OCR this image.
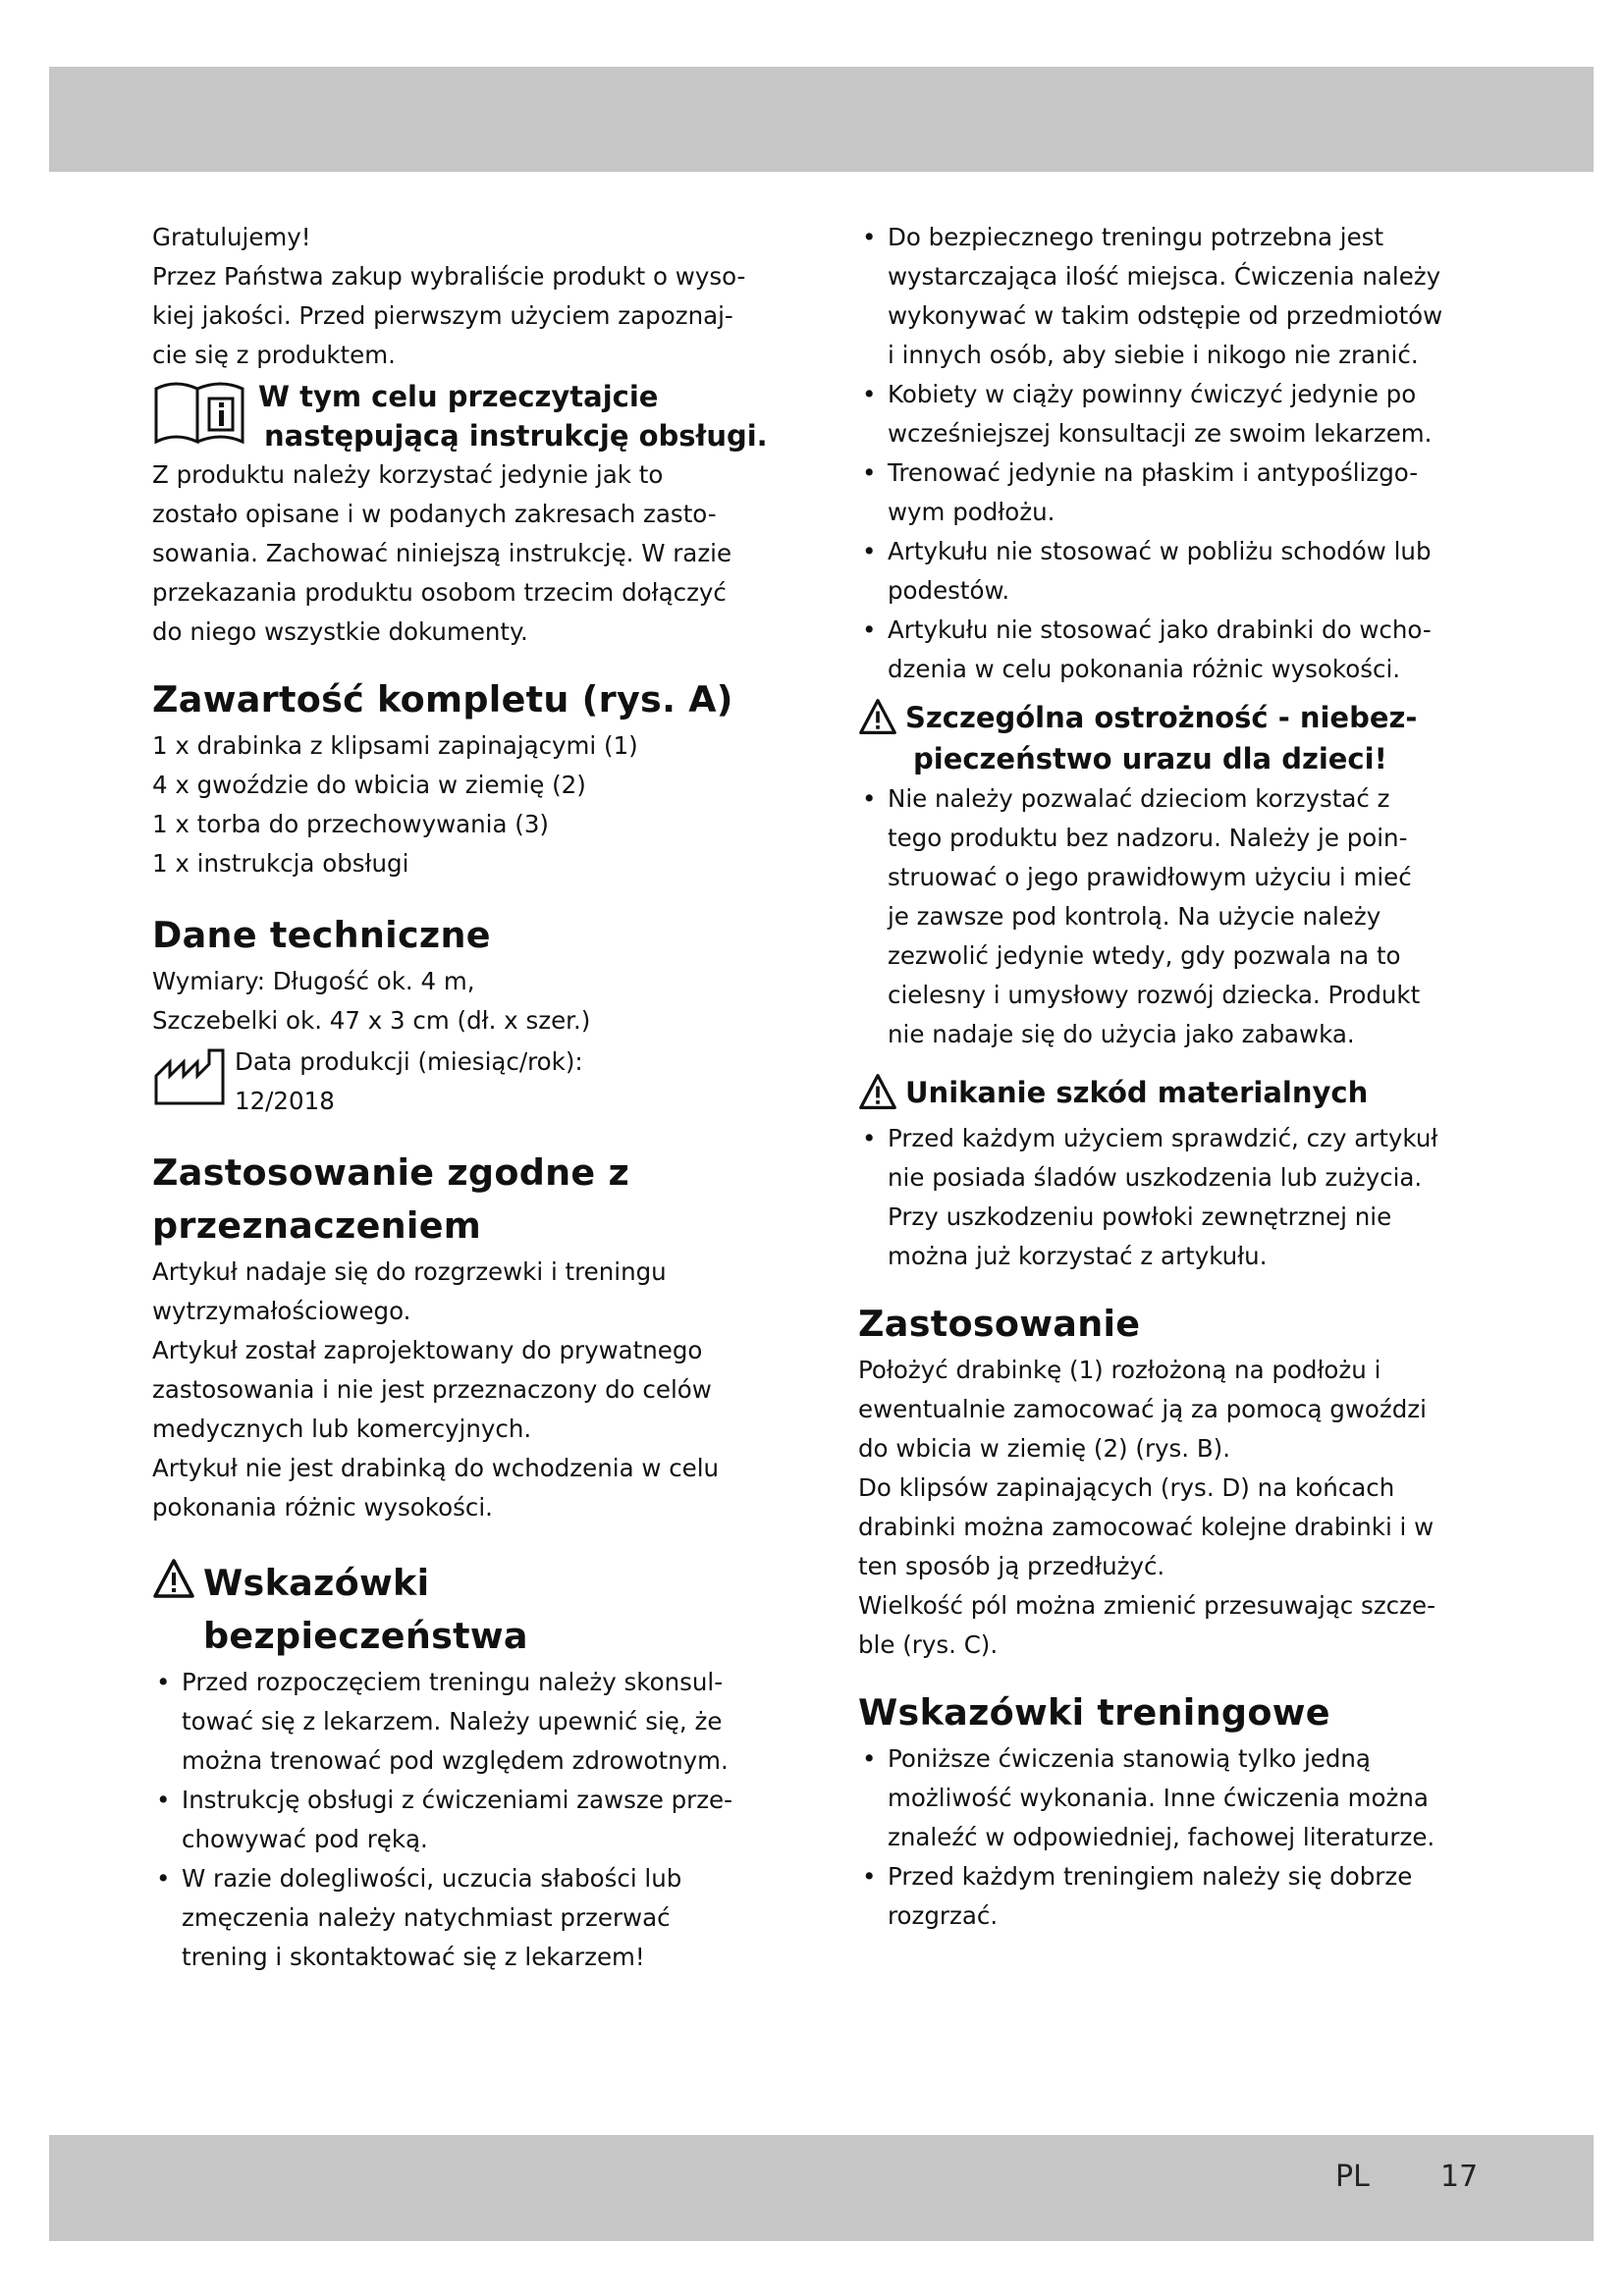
Gratulujemy!

Przez Państwa zakup wybraliście produkt o wyso-

kiej jakości. Przed pierwszym użyciem zapoznaj-

cie się z produktem.

W tym celu przeczytajcie
następującą instrukcję obsługi.

Z produktu należy korzystać jedynie jak to

zostało opisane i w podanych zakresach zasto-

sowania. Zachować niniejszą instrukcję. W razie

przekazania produktu osobom trzecim dołączyć

do niego wszystkie dokumenty.

Zawartość kompletu (rys. A)

1 x drabinka z klipsami zapinającymi (1)

4 x gwoździe do wbicia w ziemię (2)

1 x torba do przechowywania (3)

1 x instrukcja obsługi

Dane techniczne

Wymiary: Długość ok. 4 m,

Szczebelki ok. 47 x 3 cm (dł. x szer.)

Data produkcji (miesiąc/rok):

12/2018

Zastosowanie zgodne z
przeznaczeniem

Artykuł nadaje się do rozgrzewki i treningu

wytrzymałościowego.

Artykuł został zaprojektowany do prywatnego

zastosowania i nie jest przeznaczony do celów

medycznych lub komercyjnych.

Artykuł nie jest drabinką do wchodzenia w celu

pokonania różnic wysokości.

Wskazówki
bezpieczeństwa
• Przed rozpoczęciem treningu należy skonsul-
tować się z lekarzem. Należy upewnić się, że
można trenować pod względem zdrowotnym.
• Instrukcję obsługi z ćwiczeniami zawsze prze-
chowywać pod ręką.
• W razie dolegliwości, uczucia słabości lub
zmęczenia należy natychmiast przerwać
trening i skontaktować się z lekarzem!
• Do bezpiecznego treningu potrzebna jest
wystarczająca ilość miejsca. Ćwiczenia należy
wykonywać w takim odstępie od przedmiotów
i innych osób, aby siebie i nikogo nie zranić.
• Kobiety w ciąży powinny ćwiczyć jedynie po
wcześniejszej konsultacji ze swoim lekarzem.
• Trenować jedynie na płaskim i antypoślizgo-
wym podłożu.
• Artykułu nie stosować w pobliżu schodów lub
podestów.
• Artykułu nie stosować jako drabinki do wcho-
dzenia w celu pokonania różnic wysokości.
Szczególna ostrożność - niebez-
pieczeństwo urazu dla dzieci!
• Nie należy pozwalać dzieciom korzystać z
tego produktu bez nadzoru. Należy je poin-
struować o jego prawidłowym użyciu i mieć
je zawsze pod kontrolą. Na użycie należy
zezwolić jedynie wtedy, gdy pozwala na to
cielesny i umysłowy rozwój dziecka. Produkt
nie nadaje się do użycia jako zabawka.
Unikanie szkód materialnych
• Przed każdym użyciem sprawdzić, czy artykuł
nie posiada śladów uszkodzenia lub zużycia.
Przy uszkodzeniu powłoki zewnętrznej nie
można już korzystać z artykułu.
Zastosowanie

Położyć drabinkę (1) rozłożoną na podłożu i

ewentualnie zamocować ją za pomocą gwoździ

do wbicia w ziemię (2) (rys. B).

Do klipsów zapinających (rys. D) na końcach

drabinki można zamocować kolejne drabinki i w

ten sposób ją przedłużyć.

Wielkość pól można zmienić przesuwając szcze-

ble (rys. C).

Wskazówki treningowe
• Poniższe ćwiczenia stanowią tylko jedną
możliwość wykonania. Inne ćwiczenia można
znaleźć w odpowiedniej, fachowej literaturze.
• Przed każdym treningiem należy się dobrze
rozgrzać.
PL 17
